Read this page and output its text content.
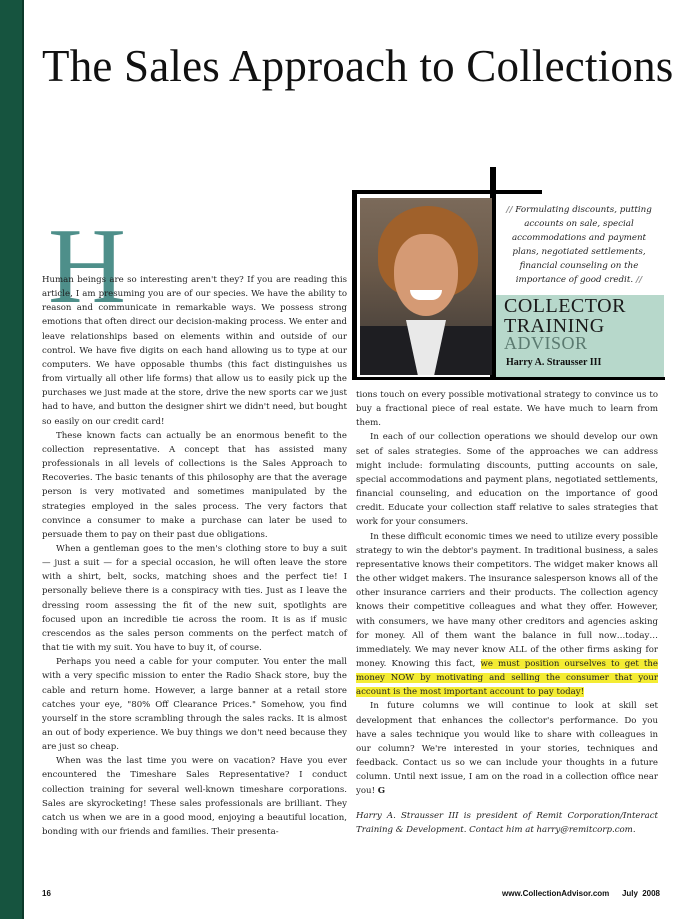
The Sales Approach to Collections
// Formulating discounts, putting accounts on sale, special accommodations and payment plans, negotiated settlements, financial counseling on the importance of good credit. //
COLLECTOR
TRAINING
ADVISOR
Harry A. Strausser III
H

Human beings are so interesting aren't they? If you are reading this article, I am presuming you are of our species. We have the ability to reason and communicate in remarkable ways. We possess strong emotions that often direct our decision-making process. We enter and leave relationships based on elements within and outside of our control. We have five digits on each hand allowing us to type at our computers. We have opposable thumbs (this fact distinguishes us from virtually all other life forms) that allow us to easily pick up the purchases we just made at the store, drive the new sports car we just had to have, and button the designer shirt we didn't need, but bought so easily on our credit card!

These known facts can actually be an enormous benefit to the collection representative. A concept that has assisted many professionals in all levels of collections is the Sales Approach to Recoveries. The basic tenants of this philosophy are that the average person is very motivated and sometimes manipulated by the strategies employed in the sales process. The very factors that convince a consumer to make a purchase can later be used to persuade them to pay on their past due obligations.

When a gentleman goes to the men's clothing store to buy a suit — just a suit — for a special occasion, he will often leave the store with a shirt, belt, socks, matching shoes and the perfect tie! I personally believe there is a conspiracy with ties. Just as I leave the dressing room assessing the fit of the new suit, spotlights are focused upon an incredible tie across the room. It is as if music crescendos as the sales person comments on the perfect match of that tie with my suit. You have to buy it, of course.

Perhaps you need a cable for your computer. You enter the mall with a very specific mission to enter the Radio Shack store, buy the cable and return home. However, a large banner at a retail store catches your eye, "80% Off Clearance Prices." Somehow, you find yourself in the store scrambling through the sales racks. It is almost an out of body experience. We buy things we don't need because they are just so cheap.

When was the last time you were on vacation? Have you ever encountered the Timeshare Sales Representative? I conduct collection training for several well-known timeshare corporations. Sales are skyrocketing! These sales professionals are brilliant. They catch us when we are in a good mood, enjoying a beautiful location, bonding with our friends and families. Their presenta-

tions touch on every possible motivational strategy to convince us to buy a fractional piece of real estate. We have much to learn from them.

In each of our collection operations we should develop our own set of sales strategies. Some of the approaches we can address might include: formulating discounts, putting accounts on sale, special accommodations and payment plans, negotiated settlements, financial counseling, and education on the importance of good credit. Educate your collection staff relative to sales strategies that work for your consumers.

In these difficult economic times we need to utilize every possible strategy to win the debtor's payment. In traditional business, a sales representative knows their competitors. The widget maker knows all the other widget makers. The insurance salesperson knows all of the other insurance carriers and their products. The collection agency knows their competitive colleagues and what they offer. However, with consumers, we have many other creditors and agencies asking for money. All of them want the balance in full now…today…immediately. We may never know ALL of the other firms asking for money. Knowing this fact, we must position ourselves to get the money NOW by motivating and selling the consumer that your account is the most important account to pay today!

In future columns we will continue to look at skill set development that enhances the collector's performance. Do you have a sales technique you would like to share with colleagues in our column? We're interested in your stories, techniques and feedback. Contact us so we can include your thoughts in a future column. Until next issue, I am on the road in a collection office near you! G

Harry A. Strausser III is president of Remit Corporation/Interact Training & Development. Contact him at harry@remitcorp.com.

16	www.CollectionAdvisor.com July 2008
